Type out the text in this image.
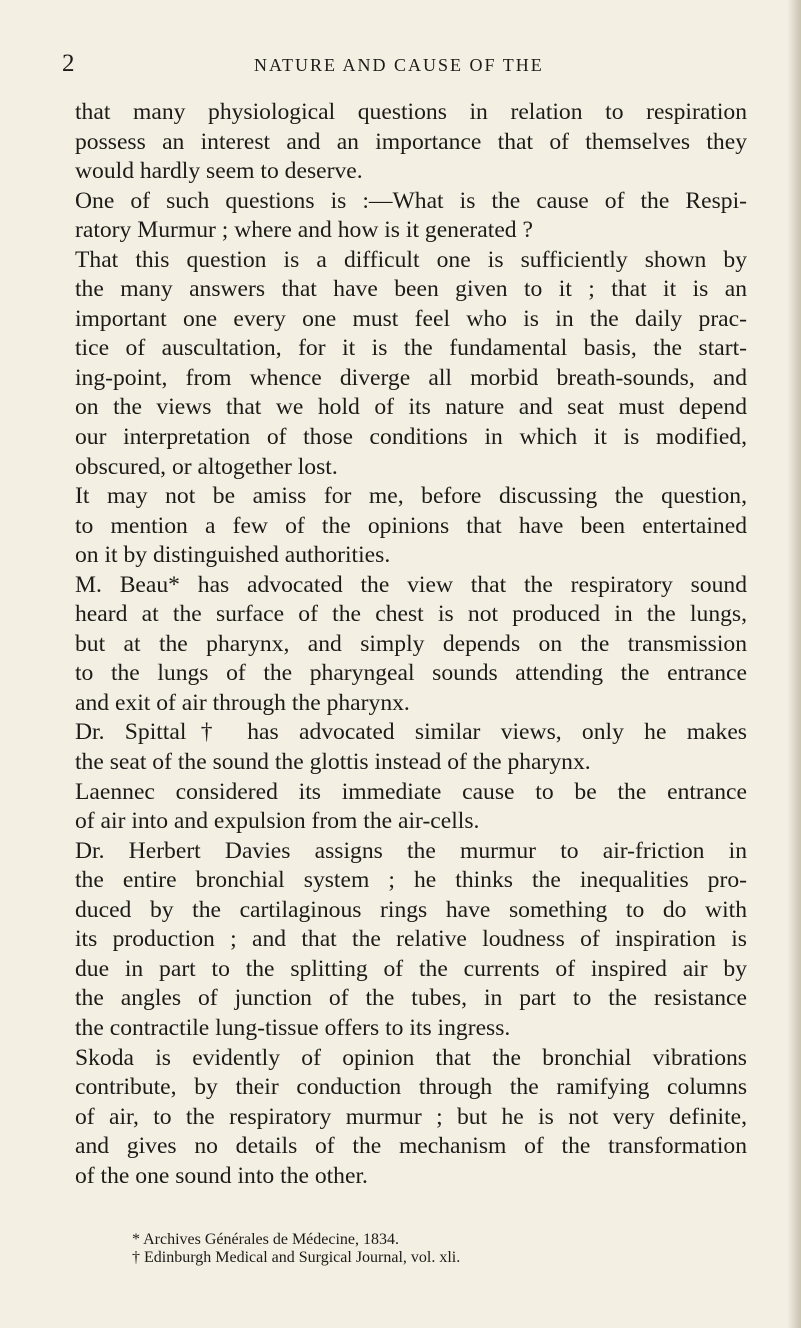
2	NATURE AND CAUSE OF THE

that many physiological questions in relation to respiration
possess an interest and an importance that of themselves they
would hardly seem to deserve.

One of such questions is :—What is the cause of the Respi-
ratory Murmur ; where and how is it generated ?

That this question is a difficult one is sufficiently shown by
the many answers that have been given to it ; that it is an
important one every one must feel who is in the daily prac-
tice of auscultation, for it is the fundamental basis, the start-
ing-point, from whence diverge all morbid breath-sounds, and
on the views that we hold of its nature and seat must depend
our interpretation of those conditions in which it is modified,
obscured, or altogether lost.

It may not be amiss for me, before discussing the question,
to mention a few of the opinions that have been entertained
on it by distinguished authorities.

M. Beau* has advocated the view that the respiratory sound
heard at the surface of the chest is not produced in the lungs,
but at the pharynx, and simply depends on the transmission
to the lungs of the pharyngeal sounds attending the entrance
and exit of air through the pharynx.

Dr. Spittal† has advocated similar views, only he makes
the seat of the sound the glottis instead of the pharynx.

Laennec considered its immediate cause to be the entrance
of air into and expulsion from the air-cells.

Dr. Herbert Davies assigns the murmur to air-friction in
the entire bronchial system ; he thinks the inequalities pro-
duced by the cartilaginous rings have something to do with
its production ; and that the relative loudness of inspiration is
due in part to the splitting of the currents of inspired air by
the angles of junction of the tubes, in part to the resistance
the contractile lung-tissue offers to its ingress.

Skoda is evidently of opinion that the bronchial vibrations
contribute, by their conduction through the ramifying columns
of air, to the respiratory murmur ; but he is not very definite,
and gives no details of the mechanism of the transformation
of the one sound into the other.

* Archives Générales de Médecine, 1834.
† Edinburgh Medical and Surgical Journal, vol. xli.
